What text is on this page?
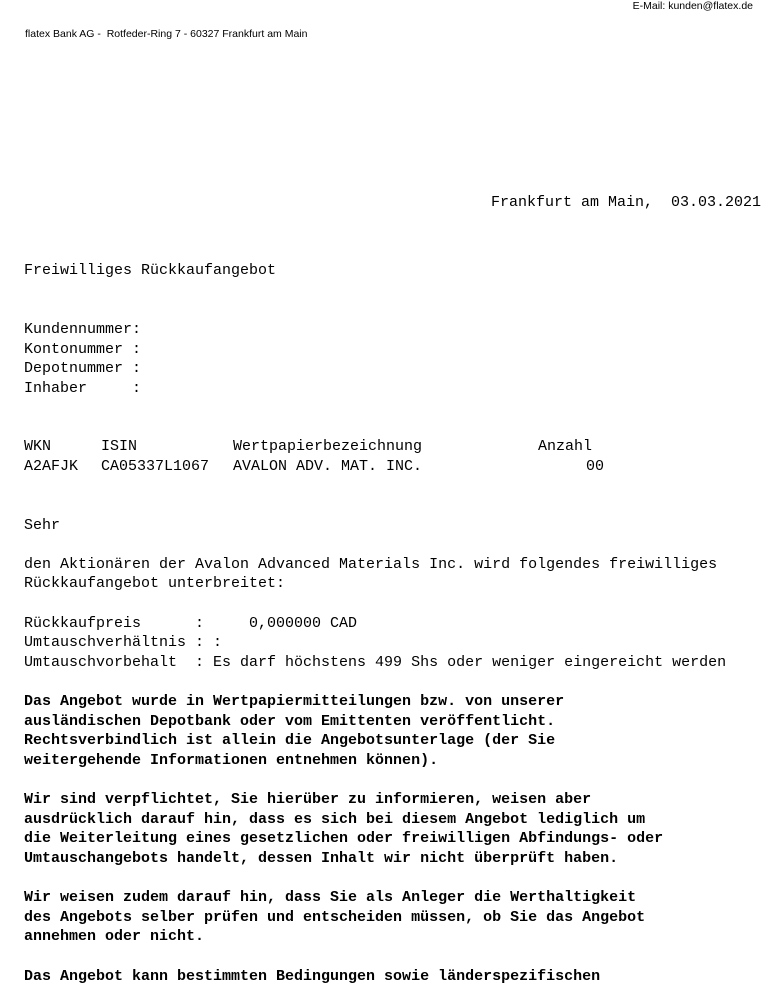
E-Mail: kunden@flatex.de
flatex Bank AG -  Rotfeder-Ring 7 - 60327 Frankfurt am Main
Frankfurt am Main, 03.03.2021
Freiwilliges Rückkaufangebot
Kundennummer:
Kontonummer :
Depotnummer :
Inhaber     :
WKN	ISIN	Wertpapierbezeichnung	Anzahl
A2AFJK CA05337L1067 AVALON ADV. MAT. INC.	00
Sehr
den Aktionären der Avalon Advanced Materials Inc. wird folgendes freiwilliges
Rückkaufangebot unterbreitet:
Rückkaufpreis      :     0,000000 CAD
Umtauschverhältnis : :
Umtauschvorbehalt  : Es darf höchstens 499 Shs oder weniger eingereicht werden
Das Angebot wurde in Wertpapiermitteilungen bzw. von unserer
ausländischen Depotbank oder vom Emittenten veröffentlicht.
Rechtsverbindlich ist allein die Angebotsunterlage (der Sie
weitergehende Informationen entnehmen können).
Wir sind verpflichtet, Sie hierüber zu informieren, weisen aber
ausdrücklich darauf hin, dass es sich bei diesem Angebot lediglich um
die Weiterleitung eines gesetzlichen oder freiwilligen Abfindungs- oder
Umtauschangebots handelt, dessen Inhalt wir nicht überprüft haben.
Wir weisen zudem darauf hin, dass Sie als Anleger die Werthaltigkeit
des Angebots selber prüfen und entscheiden müssen, ob Sie das Angebot
annehmen oder nicht.
Das Angebot kann bestimmten Bedingungen sowie länderspezifischen
